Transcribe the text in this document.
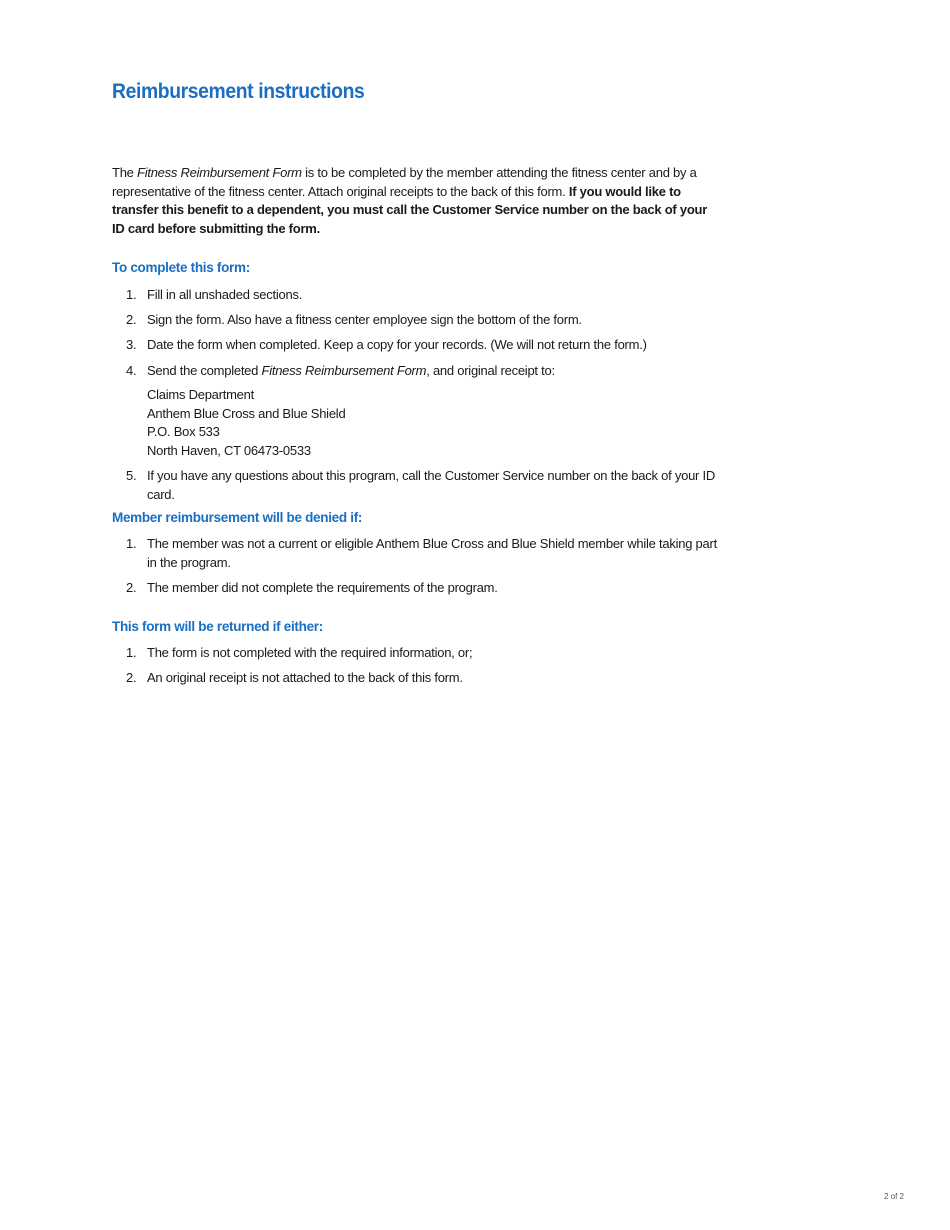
Reimbursement instructions

The Fitness Reimbursement Form is to be completed by the member attending the fitness center and by a representative of the fitness center. Attach original receipts to the back of this form. If you would like to transfer this benefit to a dependent, you must call the Customer Service number on the back of your ID card before submitting the form.

To complete this form:
1. Fill in all unshaded sections.
2. Sign the form. Also have a fitness center employee sign the bottom of the form.
3. Date the form when completed. Keep a copy for your records. (We will not return the form.)
4. Send the completed Fitness Reimbursement Form, and original receipt to:
Claims Department
Anthem Blue Cross and Blue Shield
P.O. Box 533
North Haven, CT 06473-0533
5. If you have any questions about this program, call the Customer Service number on the back of your ID card.
Member reimbursement will be denied if:
1. The member was not a current or eligible Anthem Blue Cross and Blue Shield member while taking part in the program.
2. The member did not complete the requirements of the program.
This form will be returned if either:
1. The form is not completed with the required information, or;
2. An original receipt is not attached to the back of this form.
2 of 2
